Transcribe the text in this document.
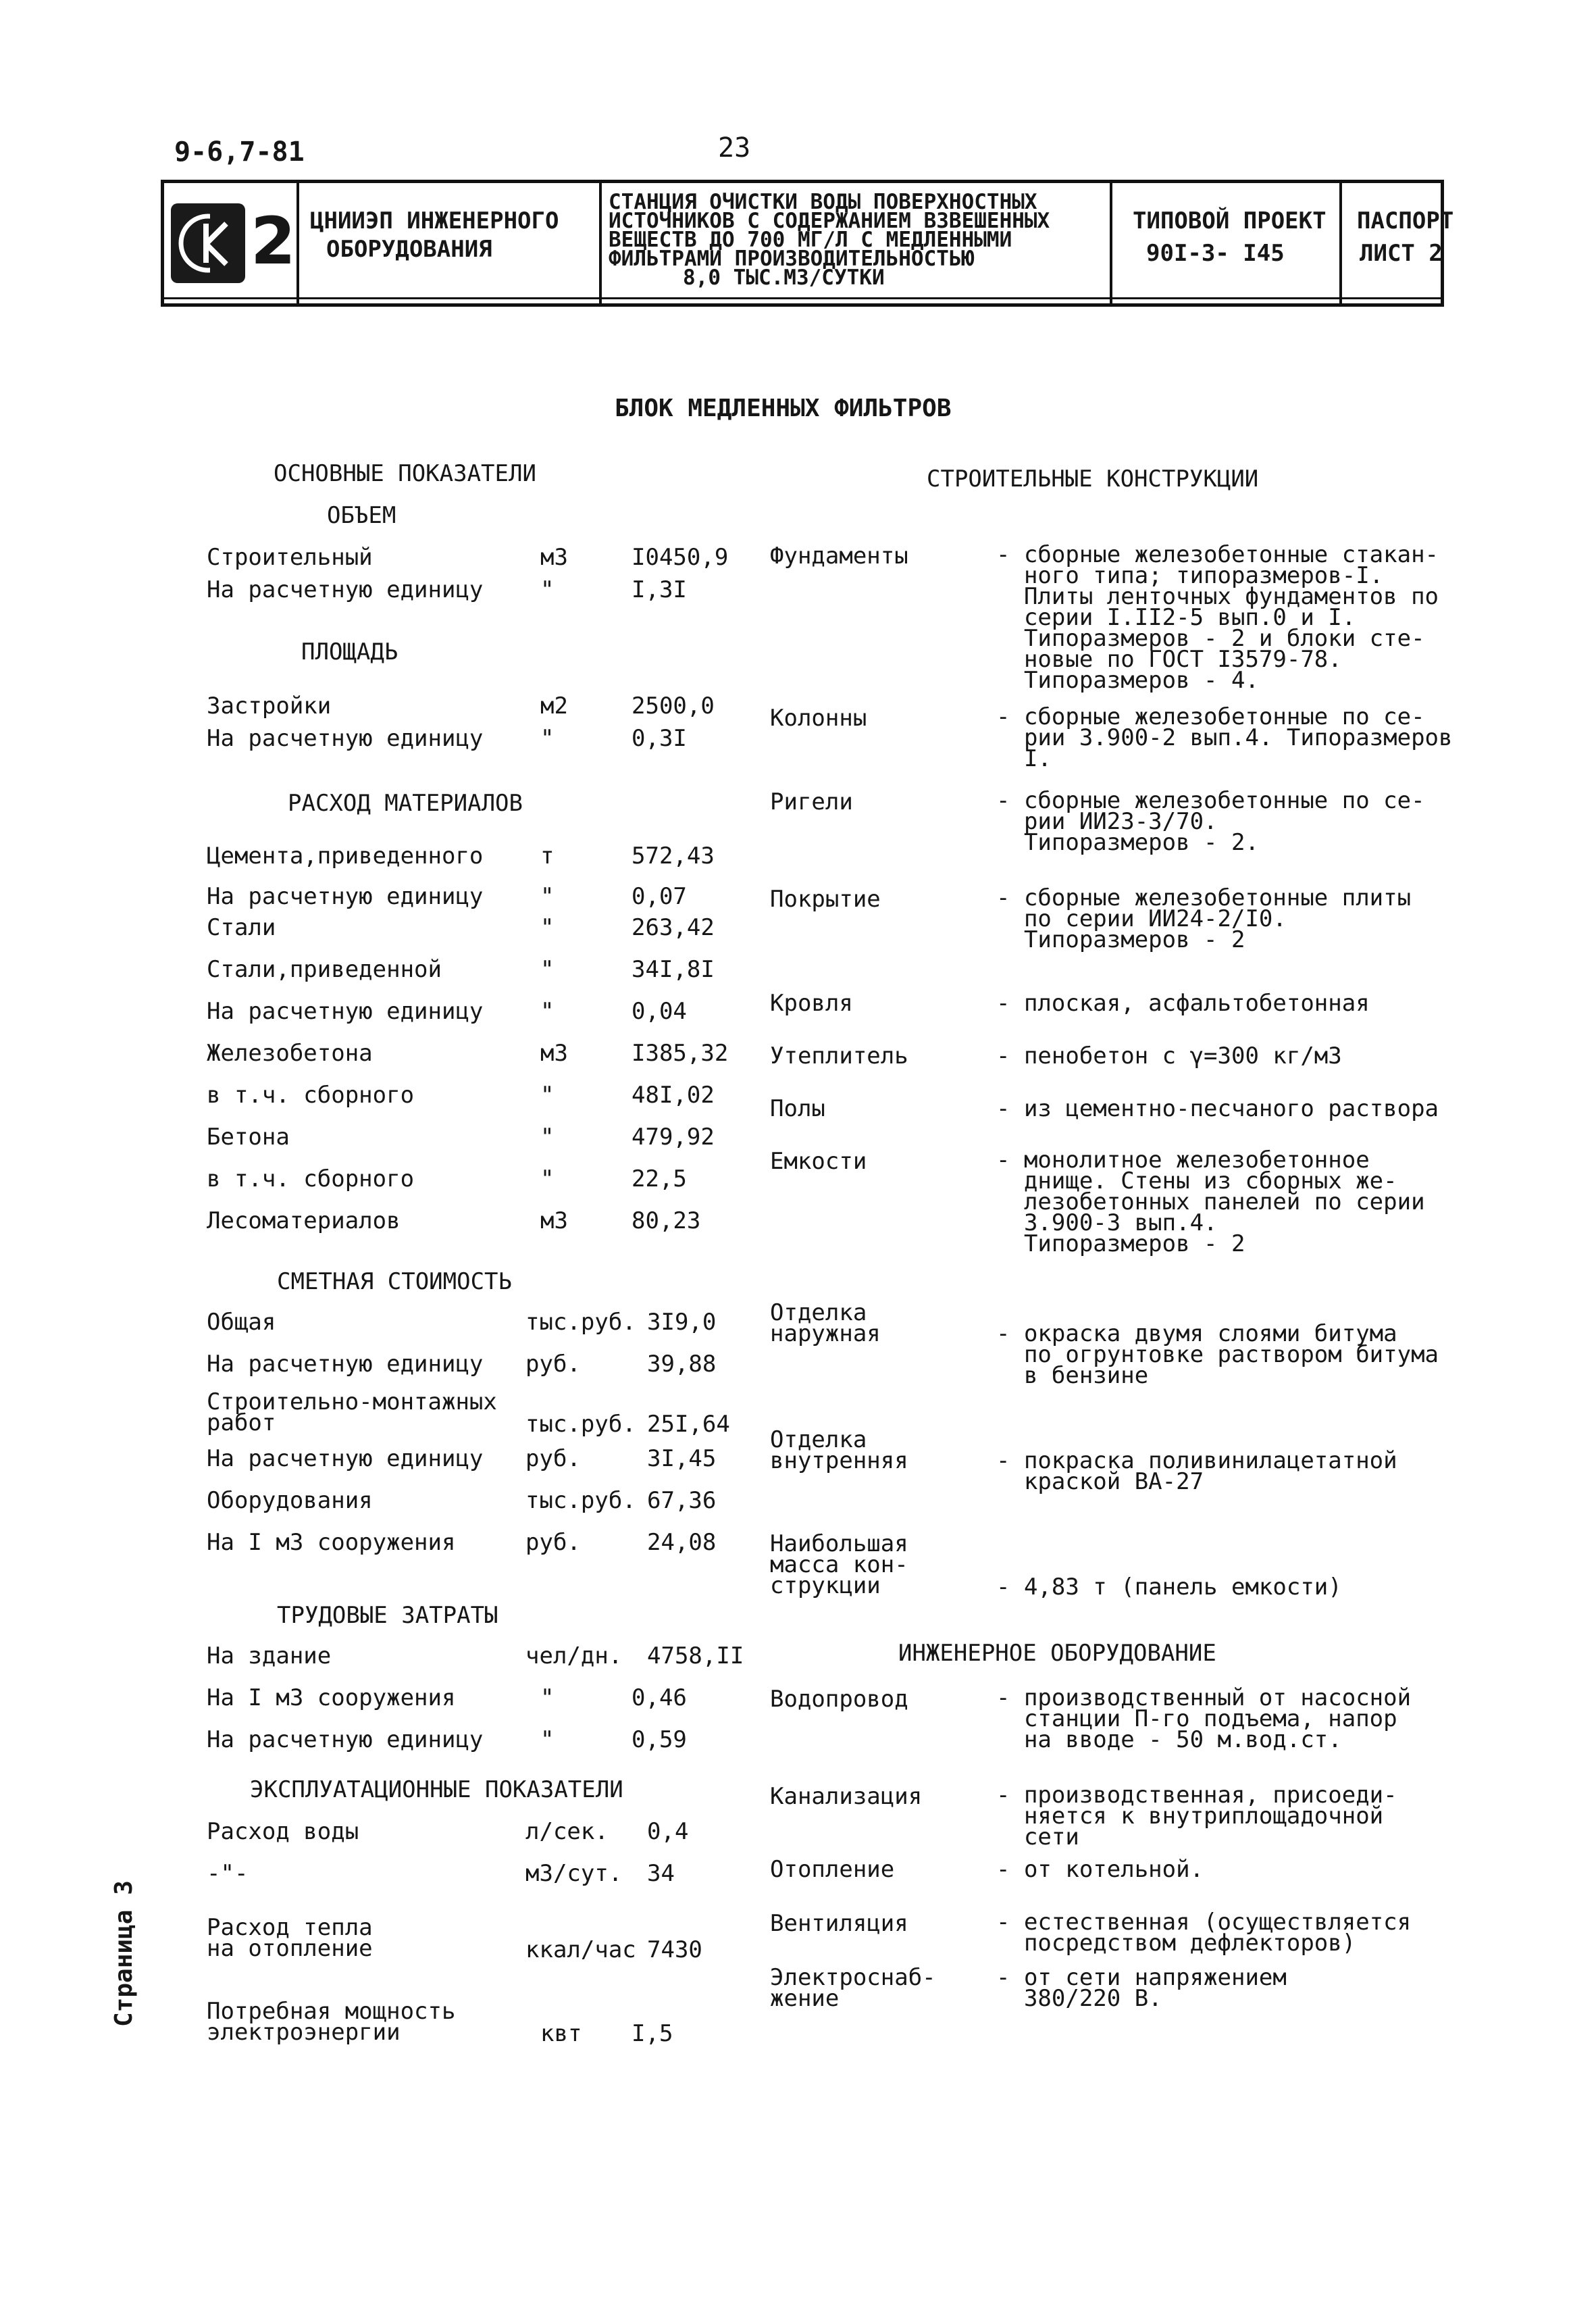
9-6,7-81	23
2 ЦНИИЭП ИНЖЕНЕРНОГО
ОБОРУДОВАНИЯ
СТАНЦИЯ ОЧИСТКИ ВОДЫ ПОВЕРХНОСТНЫХ
ИСТОЧНИКОВ С СОДЕРЖАНИЕМ ВЗВЕШЕННЫХ
ВЕЩЕСТВ ДО 700 МГ/Л С МЕДЛЕННЫМИ
ФИЛЬТРАМИ ПРОИЗВОДИТЕЛЬНОСТЬЮ
8,0 ТЫС.М3/СУТКИ
ТИПОВОЙ ПРОЕКТ
90I-3- I45
ПАСПОРТ
ЛИСТ 2
БЛОК МЕДЛЕННЫХ ФИЛЬТРОВ
ОСНОВНЫЕ ПОКАЗАТЕЛИ
ОБЪЕМ
ПЛОЩАДЬ
РАСХОД МАТЕРИАЛОВ
СМЕТНАЯ СТОИМОСТЬ
ТРУДОВЫЕ ЗАТРАТЫ
ЭКСПЛУАТАЦИОННЫЕ ПОКАЗАТЕЛИ
Строительный	м3	I0450,9
На расчетную единицу "	I,3I
Застройки	м2	2500,0
На расчетную единицу "	0,3I
Цемента,приведенного т	572,43
На расчетную единицу "	0,07
Стали	"	263,42
Стали,приведенной	"	34I,8I
На расчетную единицу "	0,04
Железобетона	м3	I385,32
в т.ч. сборного	"	48I,02
Бетона	"	479,92
в т.ч. сборного	"	22,5
Лесоматериалов	м3	80,23
Общая	тыс.руб. 3I9,0
На расчетную единицу руб.	39,88
Строительно-монтажных
работ	тыс.руб. 25I,64
На расчетную единицу руб.	3I,45
Оборудования	тыс.руб. 67,36
На I м3 сооружения	руб.	24,08
На здание	чел/дн. 4758,II
На I м3 сооружения	"	0,46
На расчетную единицу "	0,59
Расход воды	л/сек. 0,4
-"-	м3/сут. 34
Расход тепла
на отопление	ккал/час 7430
Потребная мощность
электроэнергии	квт I,5
СТРОИТЕЛЬНЫЕ КОНСТРУКЦИИ
ИНЖЕНЕРНОЕ ОБОРУДОВАНИЕ
Фундаменты	- сборные железобетонные стакан-
ного типа; типоразмеров-I.
Плиты ленточных фундаментов по
серии I.II2-5 вып.0 и I.
Типоразмеров - 2 и блоки сте-
новые по ГОСТ I3579-78.
Типоразмеров - 4.
Колонны	- сборные железобетонные по се-
рии 3.900-2 вып.4. Типоразмеров
I.
Ригели	- сборные железобетонные по се-
рии ИИ23-3/70.
Типоразмеров - 2.
Покрытие	- сборные железобетонные плиты
по серии ИИ24-2/I0.
Типоразмеров - 2
Кровля	- плоская, асфальтобетонная
Утеплитель	- пенобетон с γ=300 кг/м3
Полы	- из цементно-песчаного раствора
Емкости	- монолитное железобетонное
днище. Стены из сборных же-
лезобетонных панелей по серии
3.900-3 вып.4.
Типоразмеров - 2
Отделка
наружная	- окраска двумя слоями битума
по огрунтовке раствором битума
в бензине
Отделка
внутренняя	- покраска поливинилацетатной
краской ВА-27
Наибольшая
масса кон-
струкции	- 4,83 т (панель емкости)
Водопровод	- производственный от насосной
станции П-го подъема, напор
на вводе - 50 м.вод.ст.
Канализация	- производственная, присоеди-
няется к внутриплощадочной
сети
Отопление	- от котельной.
Вентиляция	- естественная (осуществляется
посредством дефлекторов)
Электроснаб-
жение
- от сети напряжением
380/220 В.
Страница 3
